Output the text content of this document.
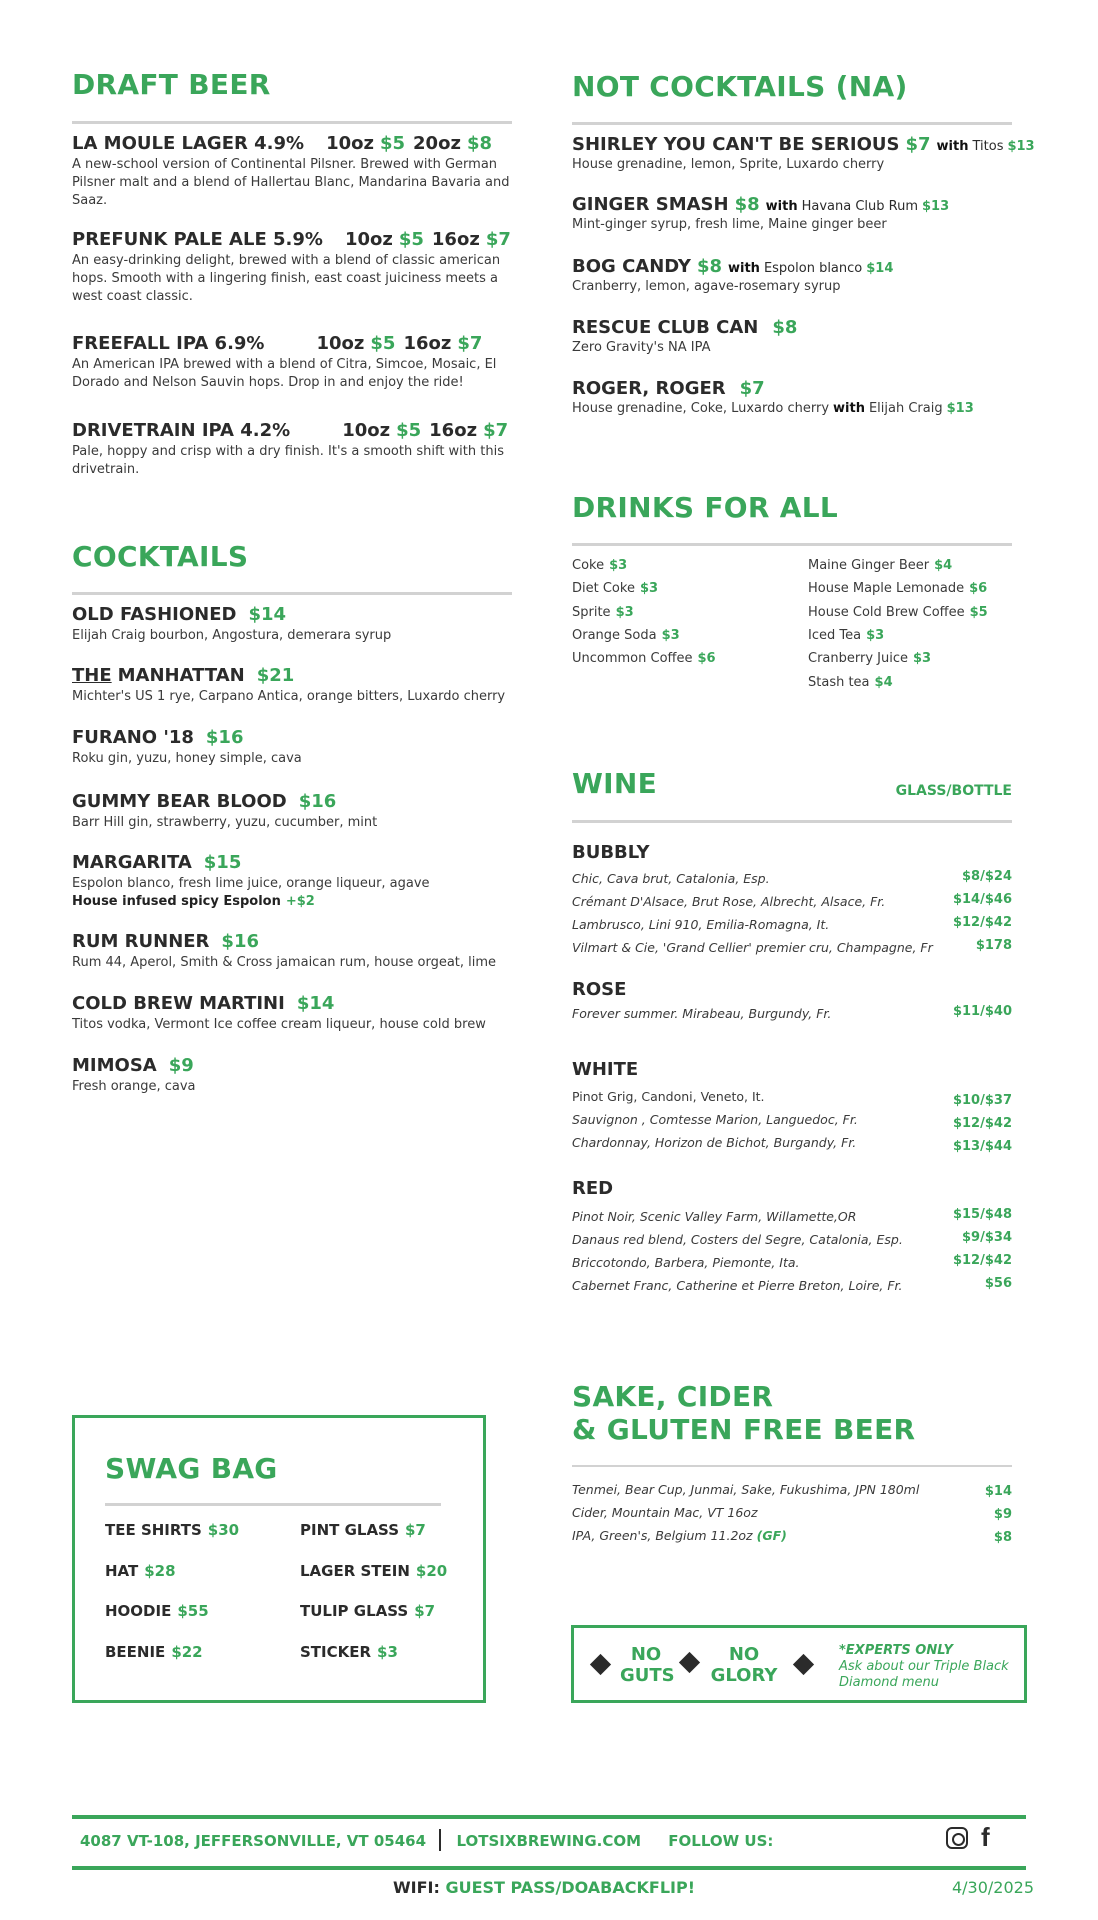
DRAFT BEER
LA MOULE LAGER 4.9% 10oz $5 20oz $8
A new-school version of Continental Pilsner. Brewed with German Pilsner malt and a blend of Hallertau Blanc, Mandarina Bavaria and Saaz.
PREFUNK PALE ALE 5.9% 10oz $5 16oz $7
An easy-drinking delight, brewed with a blend of classic american hops. Smooth with a lingering finish, east coast juiciness meets a west coast classic.
FREEFALL IPA 6.9%	10oz $5 16oz $7
An American IPA brewed with a blend of Citra, Simcoe, Mosaic, El Dorado and Nelson Sauvin hops. Drop in and enjoy the ride!
DRIVETRAIN IPA 4.2%	10oz $5 16oz $7
Pale, hoppy and crisp with a dry finish. It's a smooth shift with this drivetrain.
COCKTAILS
OLD FASHIONED $14
Elijah Craig bourbon, Angostura, demerara syrup
THE MANHATTAN $21
Michter's US 1 rye, Carpano Antica, orange bitters, Luxardo cherry
FURANO '18 $16
Roku gin, yuzu, honey simple, cava
GUMMY BEAR BLOOD $16
Barr Hill gin, strawberry, yuzu, cucumber, mint
MARGARITA $15
Espolon blanco, fresh lime juice, orange liqueur, agave
House infused spicy Espolon +$2
RUM RUNNER $16
Rum 44, Aperol, Smith & Cross jamaican rum, house orgeat, lime
COLD BREW MARTINI $14
Titos vodka, Vermont Ice coffee cream liqueur, house cold brew
MIMOSA $9
Fresh orange, cava
NOT COCKTAILS (NA)
SHIRLEY YOU CAN'T BE SERIOUS $7 with Titos $13
House grenadine, lemon, Sprite, Luxardo cherry
GINGER SMASH $8 with Havana Club Rum $13
Mint-ginger syrup, fresh lime, Maine ginger beer
BOG CANDY $8 with Espolon blanco $14
Cranberry, lemon, agave-rosemary syrup
RESCUE CLUB CAN $8
Zero Gravity's NA IPA
ROGER, ROGER $7
House grenadine, Coke, Luxardo cherry with Elijah Craig $13
DRINKS FOR ALL
Coke $3
Diet Coke $3
Sprite $3
Orange Soda $3
Uncommon Coffee $6
Maine Ginger Beer $4
House Maple Lemonade $6
House Cold Brew Coffee $5
Iced Tea $3
Cranberry Juice $3
Stash tea $4
WINE	GLASS/BOTTLE
BUBBLY
Chic, Cava brut, Catalonia, Esp.	$8/$24
Crémant D'Alsace, Brut Rose, Albrecht, Alsace, Fr.	$14/$46
Lambrusco, Lini 910, Emilia-Romagna, It.	$12/$42
Vilmart & Cie, 'Grand Cellier' premier cru, Champagne, Fr	$178
ROSE
Forever summer. Mirabeau, Burgundy, Fr.	$11/$40
WHITE
Pinot Grig, Candoni, Veneto, It.	$10/$37
Sauvignon , Comtesse Marion, Languedoc, Fr.	$12/$42
Chardonnay, Horizon de Bichot, Burgandy, Fr.	$13/$44
RED
Pinot Noir, Scenic Valley Farm, Willamette,OR	$15/$48
Danaus red blend, Costers del Segre, Catalonia, Esp.	$9/$34
Briccotondo, Barbera, Piemonte, Ita.	$12/$42
Cabernet Franc, Catherine et Pierre Breton, Loire, Fr.	$56
SAKE, CIDER
& GLUTEN FREE BEER
Tenmei, Bear Cup, Junmai, Sake, Fukushima, JPN 180ml	$14
Cider, Mountain Mac, VT 16oz	$9
IPA, Green's, Belgium 11.2oz (GF)	$8
SWAG BAG
TEE SHIRTS $30
HAT $28
HOODIE $55
BEENIE $22
PINT GLASS $7
LAGER STEIN $20
TULIP GLASS $7
STICKER $3	NO
GUTS
NO
GLORY
*EXPERTS ONLY
Ask about our Triple Black
Diamond menu
4087 VT-108, JEFFERSONVILLE, VT 05464 LOTSIXBREWING.COM FOLLOW US:	f
WIFI: GUEST PASS/DOABACKFLIP!	4/30/2025
